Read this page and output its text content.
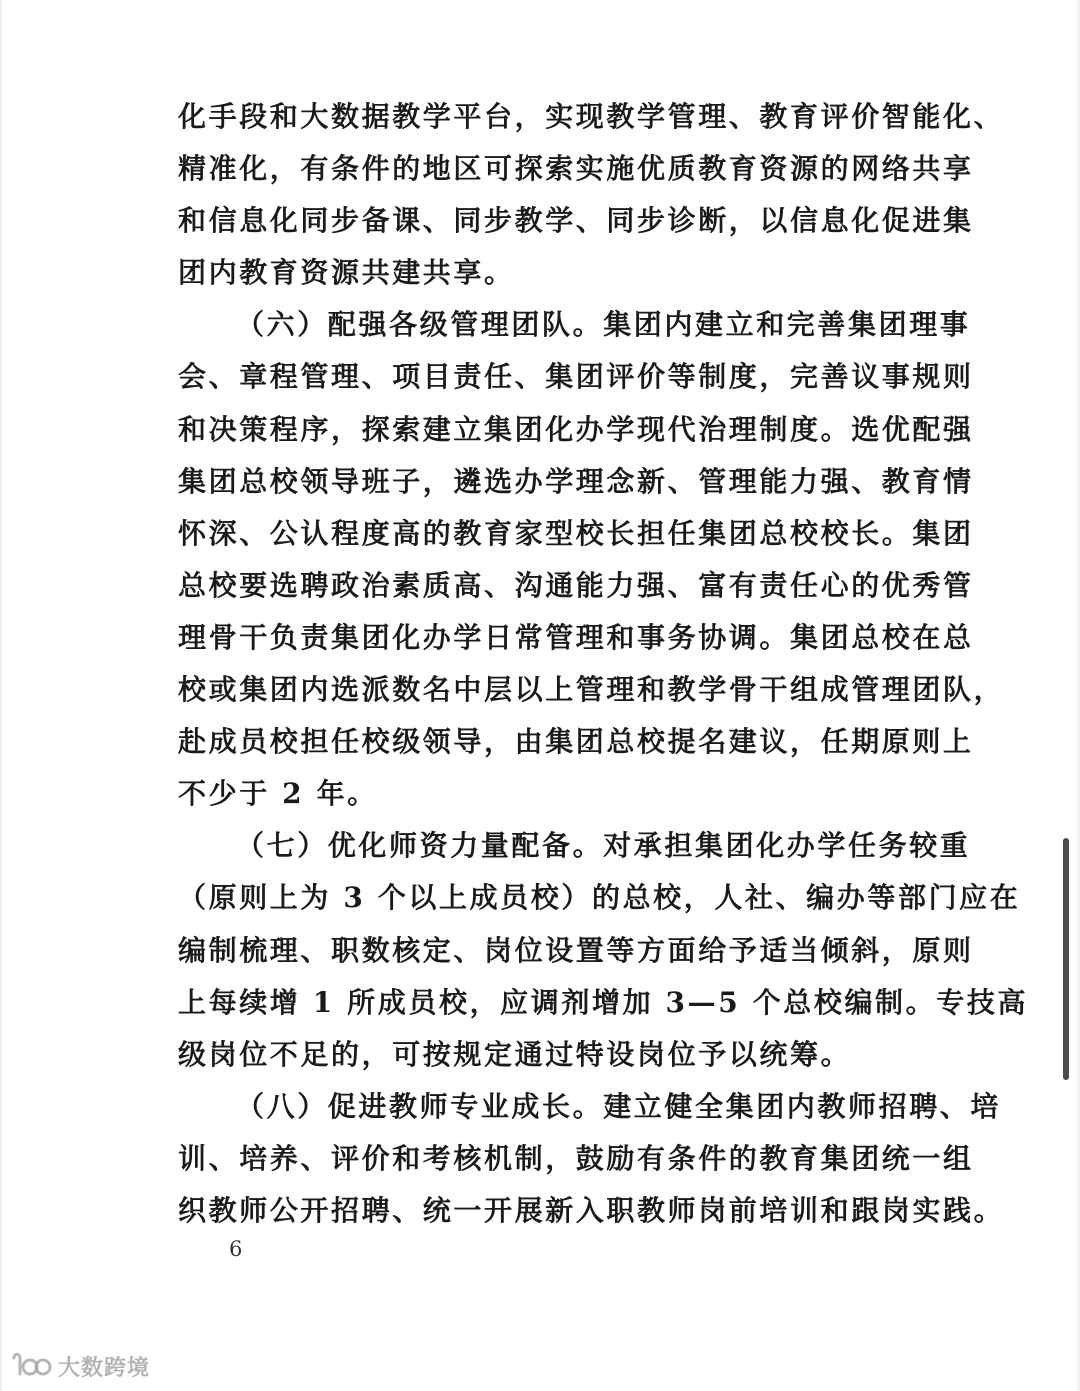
化手段和大数据教学平台，实现教学管理、教育评价智能化、
精准化，有条件的地区可探索实施优质教育资源的网络共享
和信息化同步备课、同步教学、同步诊断，以信息化促进集
团内教育资源共建共享。
（六）配强各级管理团队。集团内建立和完善集团理事
会、章程管理、项目责任、集团评价等制度，完善议事规则
和决策程序，探索建立集团化办学现代治理制度。选优配强
集团总校领导班子，遴选办学理念新、管理能力强、教育情
怀深、公认程度高的教育家型校长担任集团总校校长。集团
总校要选聘政治素质高、沟通能力强、富有责任心的优秀管
理骨干负责集团化办学日常管理和事务协调。集团总校在总
校或集团内选派数名中层以上管理和教学骨干组成管理团队，
赴成员校担任校级领导，由集团总校提名建议，任期原则上
不少于 2 年。
（七）优化师资力量配备。对承担集团化办学任务较重
（原则上为 3 个以上成员校）的总校，人社、编办等部门应在
编制梳理、职数核定、岗位设置等方面给予适当倾斜，原则
上每续增 1 所成员校，应调剂增加 3—5 个总校编制。专技高
级岗位不足的，可按规定通过特设岗位予以统筹。
（八）促进教师专业成长。建立健全集团内教师招聘、培
训、培养、评价和考核机制，鼓励有条件的教育集团统一组
织教师公开招聘、统一开展新入职教师岗前培训和跟岗实践。
6
大数跨境
